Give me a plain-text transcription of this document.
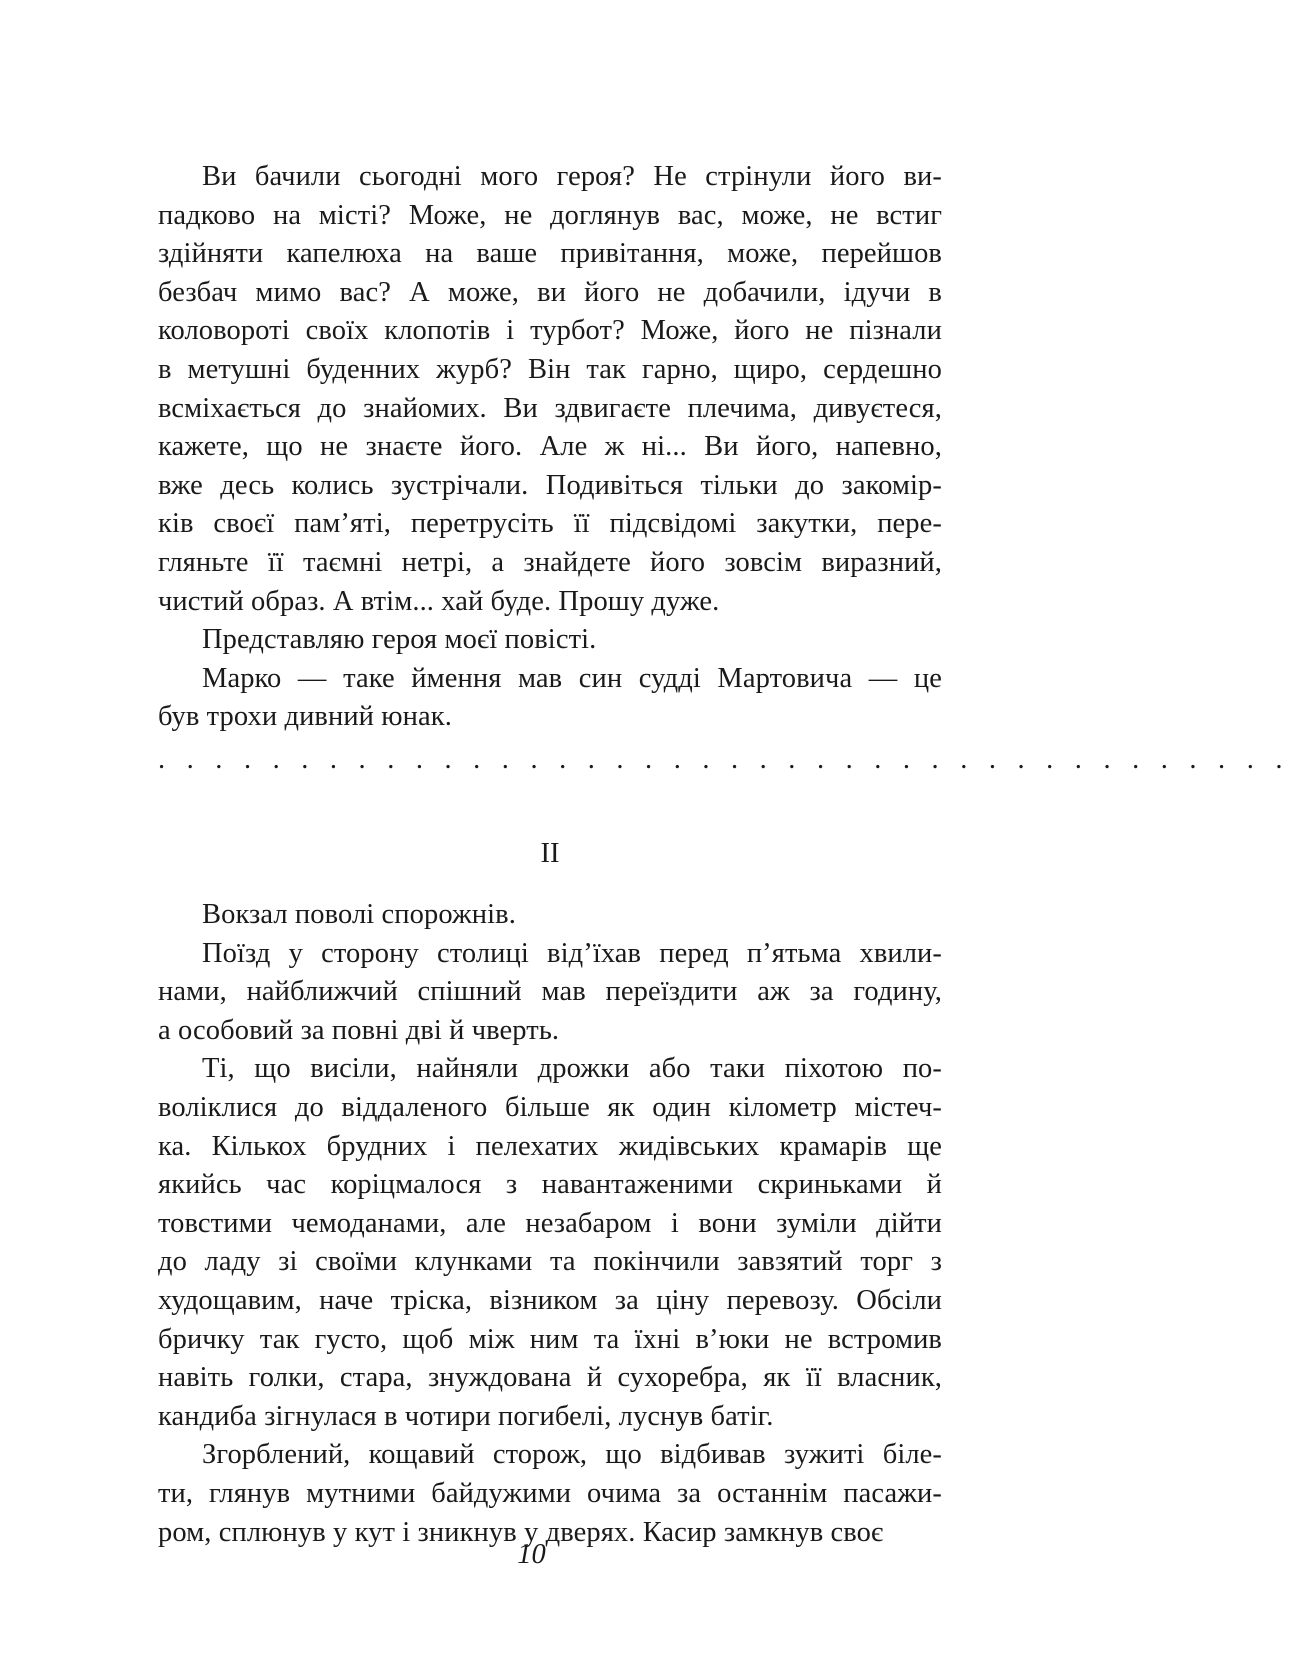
Ви бачили сьогодні мого героя? Не стрінули його ви-
падково на місті? Може, не доглянув вас, може, не встиг
здійняти капелюха на ваше привітання, може, перейшов
безбач мимо вас? А може, ви його не добачили, ідучи в
коловороті своїх клопотів і турбот? Може, його не пізнали
в метушні буденних журб? Він так гарно, щиро, сердешно
всміхається до знайомих. Ви здвигаєте плечима, дивуєтеся,
кажете, що не знаєте його. Але ж ні... Ви його, напевно,
вже десь колись зустрічали. Подивіться тільки до закомір-
ків своєї пам’яті, перетрусіть її підсвідомі закутки, пере-
гляньте її таємні нетрі, а знайдете його зовсім виразний,
чистий образ. А втім... хай буде. Прошу дуже.
Представляю героя моєї повісті.
Марко — таке ймення мав син судді Мартовича — це
був трохи дивний юнак.
. . . . . . . . . . . . . . . . . . . . . . . . . . . . . . . . . . . . . . . .
II
Вокзал поволі спорожнів.
Поїзд у сторону столиці від’їхав перед п’ятьма хвили-
нами, найближчий спішний мав переїздити аж за годину,
а особовий за повні дві й чверть.
Ті, що висіли, найняли дрожки або таки піхотою по-
воліклися до віддаленого більше як один кілометр містеч-
ка. Кількох брудних і пелехатих жидівських крамарів ще
якийсь час коріцмалося з навантаженими скриньками й
товстими чемоданами, але незабаром і вони зуміли дійти
до ладу зі своїми клунками та покінчили завзятий торг з
худощавим, наче тріска, візником за ціну перевозу. Обсіли
бричку так густо, щоб між ним та їхні в’юки не встромив
навіть голки, стара, знуждована й сухоребра, як її власник,
кандиба зігнулася в чотири погибелі, луснув батіг.
Згорблений, кощавий сторож, що відбивав зужиті біле-
ти, глянув мутними байдужими очима за останнім пасажи-
ром, сплюнув у кут і зникнув у дверях. Касир замкнув своє
10
